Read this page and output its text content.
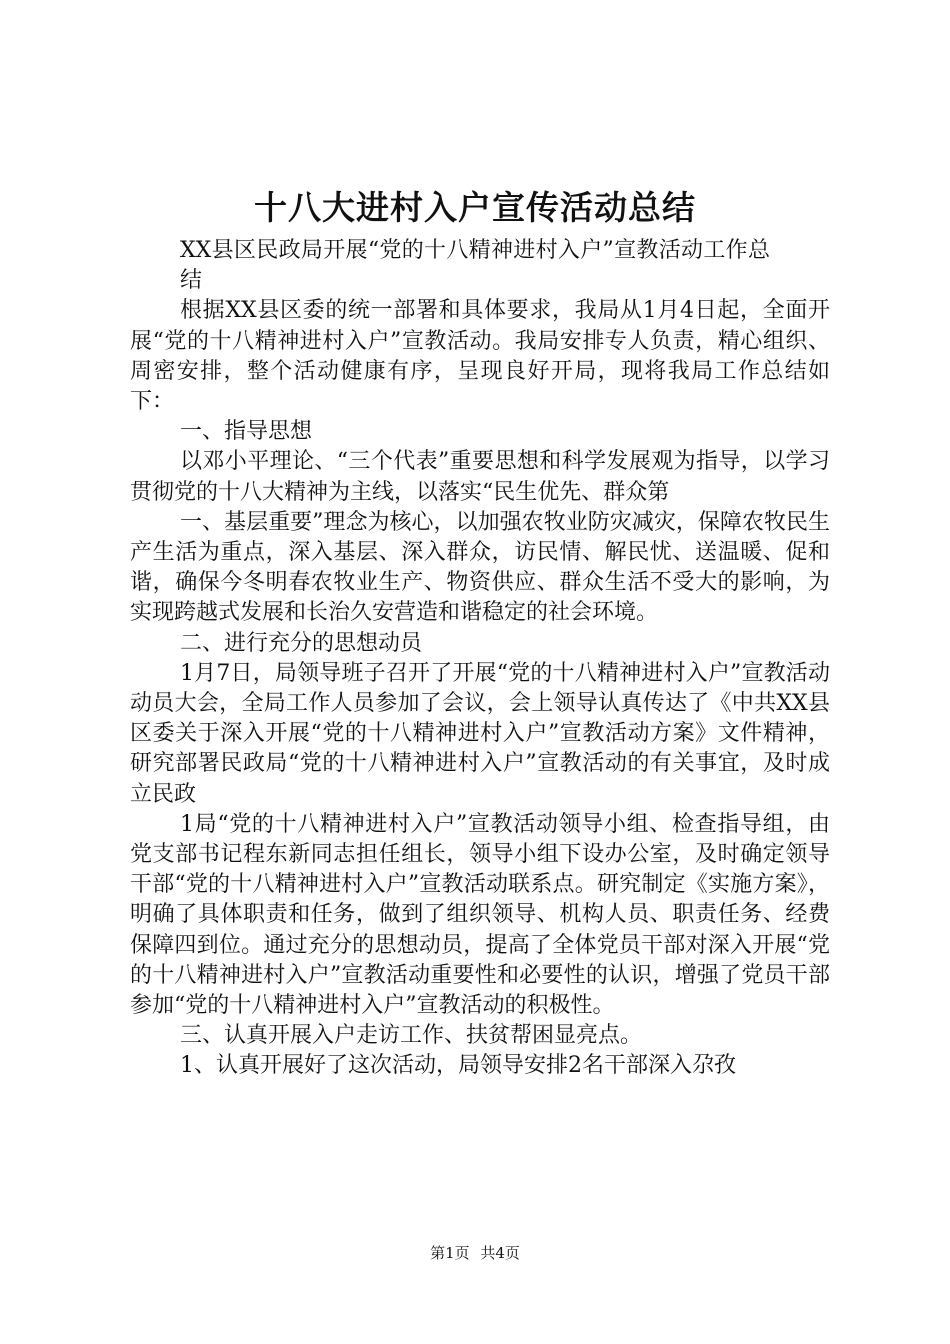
十八大进村入户宣传活动总结

XX县区民政局开展“党的十八精神进村入户”宣教活动工作总结

根据XX县区委的统一部署和具体要求，我局从1月4日起，全面开展“党的十八精神进村入户”宣教活动。我局安排专人负责，精心组织、周密安排，整个活动健康有序，呈现良好开局，现将我局工作总结如下：

一、指导思想

以邓小平理论、“三个代表”重要思想和科学发展观为指导，以学习贯彻党的十八大精神为主线，以落实“民生优先、群众第

一、基层重要”理念为核心，以加强农牧业防灾减灾，保障农牧民生产生活为重点，深入基层、深入群众，访民情、解民忧、送温暖、促和谐，确保今冬明春农牧业生产、物资供应、群众生活不受大的影响，为实现跨越式发展和长治久安营造和谐稳定的社会环境。

二、进行充分的思想动员

1月7日，局领导班子召开了开展“党的十八精神进村入户”宣教活动动员大会，全局工作人员参加了会议，会上领导认真传达了《中共XX县区委关于深入开展“党的十八精神进村入户”宣教活动方案》文件精神，研究部署民政局“党的十八精神进村入户”宣教活动的有关事宜，及时成立民政

1局“党的十八精神进村入户”宣教活动领导小组、检查指导组，由党支部书记程东新同志担任组长，领导小组下设办公室，及时确定领导干部“党的十八精神进村入户”宣教活动联系点。研究制定《实施方案》，明确了具体职责和任务，做到了组织领导、机构人员、职责任务、经费保障四到位。通过充分的思想动员，提高了全体党员干部对深入开展“党的十八精神进村入户”宣教活动重要性和必要性的认识，增强了党员干部参加“党的十八精神进村入户”宣教活动的积极性。

三、认真开展入户走访工作、扶贫帮困显亮点。

1、认真开展好了这次活动，局领导安排2名干部深入尕孜

第1页 共4页
